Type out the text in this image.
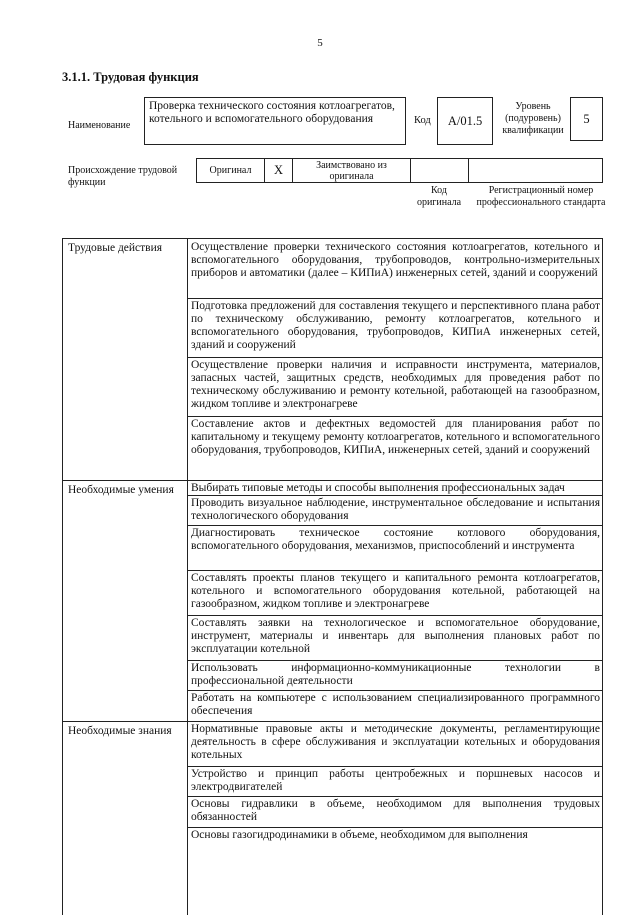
5
3.1.1. Трудовая функция
Наименование
Проверка технического состояния котлоагрегатов, котельного и вспомогательного оборудования	Код	А/01.5
Уровень (подуровень) квалификации
5
Происхождение трудовой функции
Оригинал	X	Заимствовано из оригинала
Код оригинала
Регистрационный номер профессионального стандарта
Трудовые действия	Осуществление проверки технического состояния котлоагрегатов, котельного и вспомогательного оборудования, трубопроводов, контрольно-измерительных приборов и автоматики (далее – КИПиА) инженерных сетей, зданий и сооружений
Подготовка предложений для составления текущего и перспективного плана работ по техническому обслуживанию, ремонту котлоагрегатов, котельного и вспомогательного оборудования, трубопроводов, КИПиА инженерных сетей, зданий и сооружений
Осуществление проверки наличия и исправности инструмента, материалов, запасных частей, защитных средств, необходимых для проведения работ по техническому обслуживанию и ремонту котельной, работающей на газообразном, жидком топливе и электронагреве
Составление актов и дефектных ведомостей для планирования работ по капитальному и текущему ремонту котлоагрегатов, котельного и вспомогательного оборудования, трубопроводов, КИПиА, инженерных сетей, зданий и сооружений
Необходимые умения	Выбирать типовые методы и способы выполнения профессиональных задач
Проводить визуальное наблюдение, инструментальное обследование и испытания технологического оборудования
Диагностировать техническое состояние котлового оборудования, вспомогательного оборудования, механизмов, приспособлений и инструмента
Составлять проекты планов текущего и капитального ремонта котлоагрегатов, котельного и вспомогательного оборудования котельной, работающей на газообразном, жидком топливе и электронагреве
Составлять заявки на технологическое и вспомогательное оборудование, инструмент, материалы и инвентарь для выполнения плановых работ по эксплуатации котельной
Использовать информационно-коммуникационные технологии в профессиональной деятельности
Работать на компьютере с использованием специализированного программного обеспечения
Необходимые знания	Нормативные правовые акты и методические документы, регламентирующие деятельность в сфере обслуживания и эксплуатации котельных и оборудования котельных
Устройство и принцип работы центробежных и поршневых насосов и электродвигателей
Основы гидравлики в объеме, необходимом для выполнения трудовых обязанностей
Основы газогидродинамики в объеме, необходимом для выполнения
